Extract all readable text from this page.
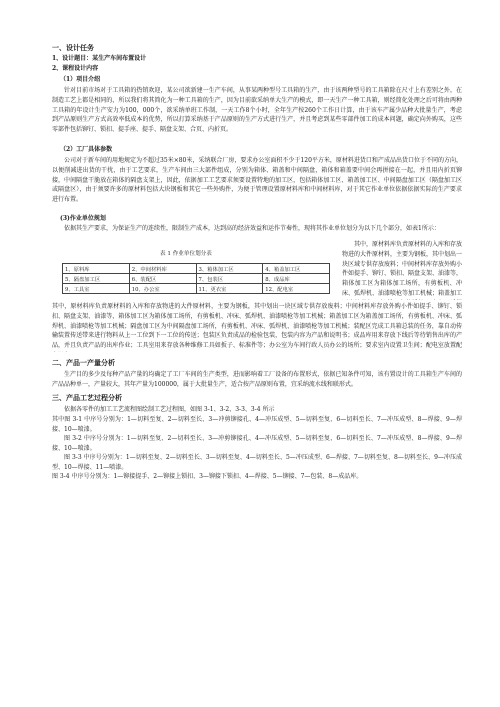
一、设计任务
1、设计题目：某生产车间布置设计
2、课程设计内容
（1）项目介绍

针对目前市场对于工具箱的热销欢迎，某公司欲新建一生产车间，从事某两种型号工具箱的生产，由于该两种型号的工具箱除在尺寸上有差别之外，在制造工艺上都是相同的，所以我们将其简化为一种工具箱的生产，因为目前欲采纳单大生产的模式，即一天生产一种工具箱，则经简化处理之后可将由两种工具箱的年设计生产安力为100，000个，欲采纳单班工作制，一天工作8个小时，全年生产按260个工作日计算，由于该车产属少品种大批量生产，考虑到产品原则生产方式高效率低成本的优势，所以打算采纳基于产品原则的生产方式进行生产，并且考虑到某些零部件加工的成本问题，确定向外购买，这些零部件包括铆钉、锁扣、提手座、提手、隔盘支架、合页、内折页。

（2）工厂具体参数

公司对于新车间的用地规定为不超过35米×80米，采纳联合厂房，要求办公室面积不少于120平方米，原材料进货口和产成品出货口位于不同的方向，以便削减进出货的干扰，由于工艺要求，生产车间由三大部件组成，分别为箱体、箱盖和中间隔盘，箱体和箱盖要中间会再拼接在一起，并且用内折页铆接，中间隔盘干脆放在箱体的隔盘支架上，因此，依据加工工艺要求须要设置特地的加工区，包括箱体加工区、箱盖加工区、中间隔盘加工区（隔盘加工区或隔盘区），由于须要许多的原材料包括大块钢板和其它一些外购件，为便于管理设置原材料库和中间材料库，对于其它作业单位依据依据实际的生产要求进行布置。

(3)作业单位规划

依据其生产要求，为保证生产的连续性，限制生产成本，达到高的经济效益和运作节奏性，现将其作业单位划分为以下几个部分，如表1所示：

表 1 作业单位划分表
1、原料库	2、中间材料库	3、箱体加工区	4、箱盖加工区
5、隔盘加工区	6、装配区	7、包装区	8、成品库
9、工具室	10、办公室	11、更衣室	12、配电室

其中，原材料库负责原材料的入库和存放物进的大件原材料，主要为钢板，其中划出一块区域专供存放废料；中间材料库存放外购小件如提手、铆钉、锁扣、隔盘支架、油漆等，箱体加工区为箱体加工场所，有剪板机、冲床、弧焊机、油漆喷枪等加工机械；箱盖加工

其中，原材料库负责原材料的入库和存放物进的大件原材料，主要为钢板，其中划出一块区域专供存放废料；中间材料库存放外购小件如提手、铆钉、锁扣、隔盘支架、油漆等，箱体加工区为箱体加工场所，有剪板机、冲床、弧焊机、油漆喷枪等加工机械；箱盖加工区为箱盖加工场所，有剪板机、冲床、弧焊机、油漆喷枪等加工机械；隔盘加工区为中间隔盘加工场所，有剪板机、冲床、弧焊机、油漆喷枪等加工机械；装配区完成工具箱总装的任务，靠自动传输装置传送带来进行物料从上一工位到下一工位的传送；包装区负责成品的检验包装，包装内容为产品和说明书；成品库用来存放下线后等待销售出库的产品，并且负责产品的出库作业；工具室用来存放各种维修工具如扳子、标准件等；办公室为车间行政人员办公的场所；要求室内设置卫生间；配电室放置配

二、产品一产量分析

生产目的多少及每种产品产量的均确定了工厂车间的生产类型，进而影响着工厂设备的布置形式，依据已知条件可知，该有置设计的工具箱生产车间的产品品种单一，产量较大，其年产量为100000，属于大批量生产，适合按产品原则布置，宜采纳流水线和联形式。

三、产品工艺过程分析

依据各零件的加工工艺流程图绘制工艺过程图，如图 3-1、3-2、3-3、3-4 所示

其中图 3-1 中序号分别为：1—切料至复、2—切料至长、3—冲剪铆接孔、4—冲压成型、5—切料至复、6—切料至长、7—冲压成型、8—焊接、9—焊接、10—喷漆。

图 3-2 中序号分别为：1—切料至复、2—切料至长、3—冲剪铆接孔、4—冲压成型、5—切料至复、6—切料至长、7—冲压成型、8—焊接、9—焊接、10—喷漆。

图 3-3 中序号分别为：1—切料至复、2—切料至长、3—切料至复、4—切料至长、5—冲压成型、6—焊接、7—切料至复、8—切料至长、9—冲压成型、10—焊接、11—喷漆。

图 3-4 中序号分别为：1—铆接提手、2—铆接上锁扣、3—铆接下锁扣、4—焊接、5—铆接、7—包装、8—成品库。
